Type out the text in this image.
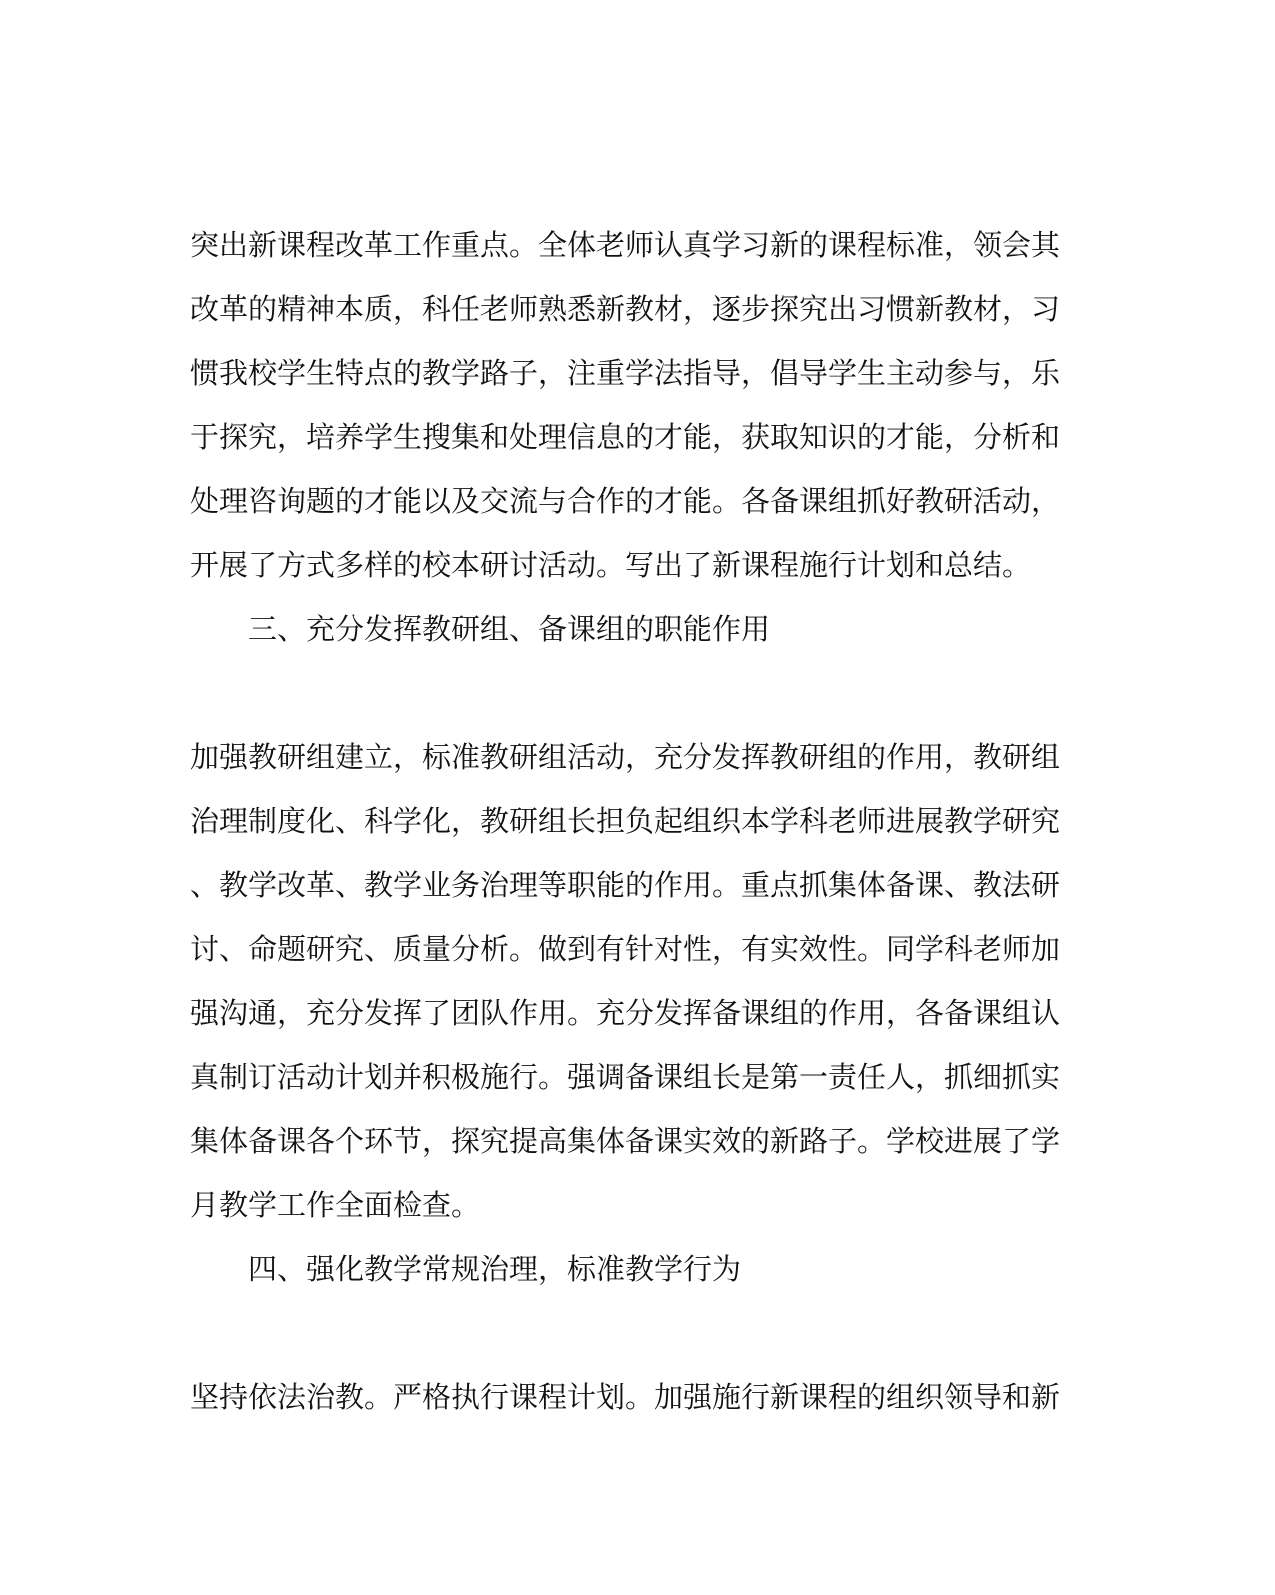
突出新课程改革工作重点。全体老师认真学习新的课程标准，领会其
改革的精神本质，科任老师熟悉新教材，逐步探究出习惯新教材，习
惯我校学生特点的教学路子，注重学法指导，倡导学生主动参与，乐
于探究，培养学生搜集和处理信息的才能，获取知识的才能，分析和
处理咨询题的才能以及交流与合作的才能。各备课组抓好教研活动，
开展了方式多样的校本研讨活动。写出了新课程施行计划和总结。
三、充分发挥教研组、备课组的职能作用
加强教研组建立，标准教研组活动，充分发挥教研组的作用，教研组
治理制度化、科学化，教研组长担负起组织本学科老师进展教学研究
、教学改革、教学业务治理等职能的作用。重点抓集体备课、教法研
讨、命题研究、质量分析。做到有针对性，有实效性。同学科老师加
强沟通，充分发挥了团队作用。充分发挥备课组的作用，各备课组认
真制订活动计划并积极施行。强调备课组长是第一责任人，抓细抓实
集体备课各个环节，探究提高集体备课实效的新路子。学校进展了学
月教学工作全面检查。
四、强化教学常规治理，标准教学行为
坚持依法治教。严格执行课程计划。加强施行新课程的组织领导和新
